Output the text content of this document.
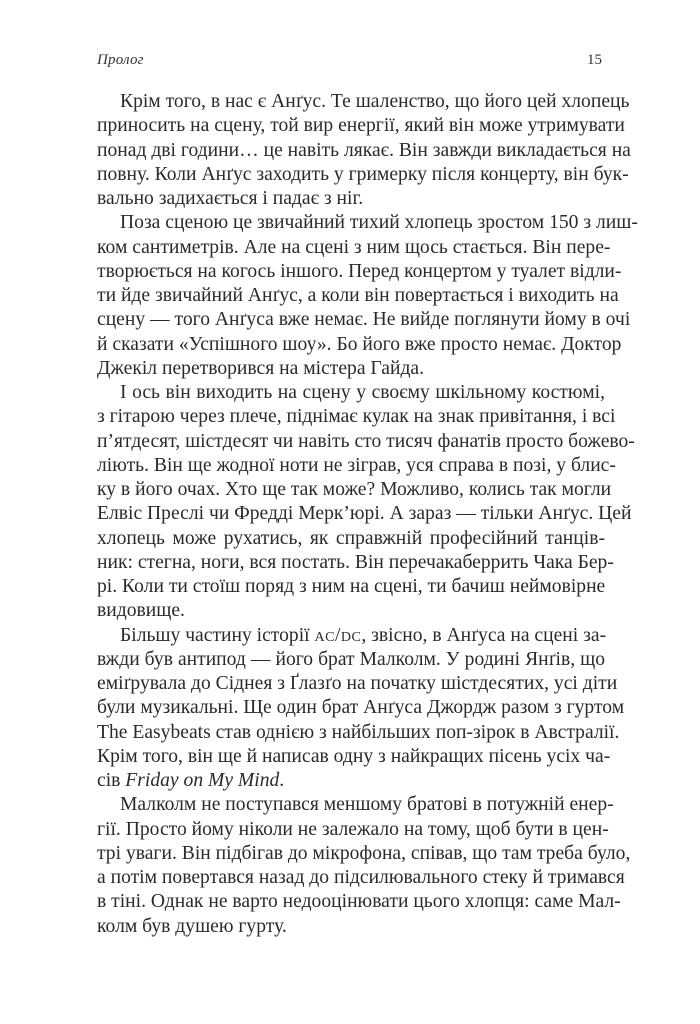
Пролог	15
Крім того, в нас є Анґус. Те шаленство, що його цей хлопець
приносить на сцену, той вир енергії, який він може утримувати
понад дві години… це навіть лякає. Він завжди викладається на
повну. Коли Анґус заходить у гримерку після концерту, він бук-
вально задихається і падає з ніг.
Поза сценою це звичайний тихий хлопець зростом 150 з лиш-
ком сантиметрів. Але на сцені з ним щось стається. Він пере-
творюється на когось іншого. Перед концертом у туалет відли-
ти йде звичайний Анґус, а коли він повертається і виходить на
сцену — того Анґуса вже немає. Не вийде поглянути йому в очі
й сказати «Успішного шоу». Бо його вже просто немає. Доктор
Джекіл перетворився на містера Гайда.
І ось він виходить на сцену у своєму шкільному костюмі,
з гітарою через плече, піднімає кулак на знак привітання, і всі
п’ятдесят, шістдесят чи навіть сто тисяч фанатів просто божево-
ліють. Він ще жодної ноти не зіграв, уся справа в позі, у блис-
ку в його очах. Хто ще так може? Можливо, колись так могли
Елвіс Преслі чи Фредді Мерк’юрі. А зараз — тільки Анґус. Цей
хлопець може рухатись, як справжній професійний танців-
ник: стегна, ноги, вся постать. Він перечакаберрить Чака Бер-
рі. Коли ти стоїш поряд з ним на сцені, ти бачиш неймовірне
видовище.
Більшу частину історії ac/dc, звісно, в Анґуса на сцені за-
вжди був антипод — його брат Малколм. У родині Янґів, що
еміґрувала до Сіднея з Ґлазґо на початку шістдесятих, усі діти
були музикальні. Ще один брат Анґуса Джордж разом з гуртом
The Easybeats став однією з найбільших поп-зірок в Австралії.
Крім того, він ще й написав одну з найкращих пісень усіх ча-
сів Friday on My Mind.
Малколм не поступався меншому братові в потужній енер-
гії. Просто йому ніколи не залежало на тому, щоб бути в цен-
трі уваги. Він підбігав до мікрофона, співав, що там треба було,
а потім повертався назад до підсилювального стеку й тримався
в тіні. Однак не варто недооцінювати цього хлопця: саме Мал-
колм був душею гурту.
